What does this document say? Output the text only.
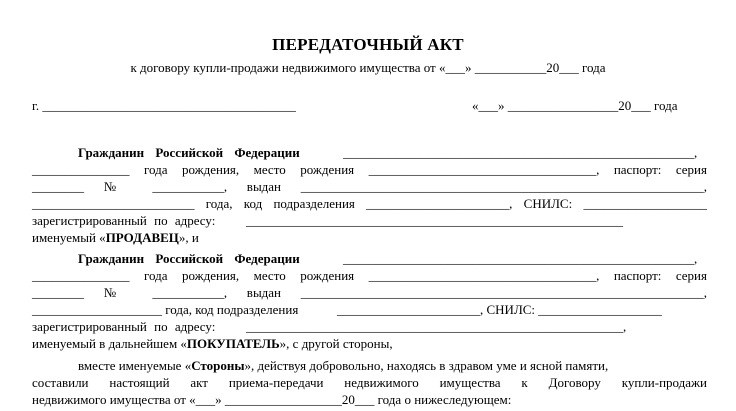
ПЕРЕДАТОЧНЫЙ АКТ
к договору купли-продажи недвижимого имущества от «___» ___________20___ года
г. _______________________________________	«___» _________________20___ года
Гражданин Российской Федерации	______________________________________________________,
_______________ года рождения, место рождения ___________________________________, паспорт: серия
________ № ___________, выдан ______________________________________________________________,
_________________________ года, код подразделения ______________________, СНИЛС: ___________________
зарегистрированный по адресу: __________________________________________________________
именуемый «ПРОДАВЕЦ», и
Гражданин Российской Федерации	______________________________________________________,
_______________ года рождения, место рождения ___________________________________, паспорт: серия
________ № ___________, выдан ______________________________________________________________,
____________________ года, код подразделения	______________________, СНИЛС: ___________________
зарегистрированный по адресу: __________________________________________________________,
именуемый в дальнейшем «ПОКУПАТЕЛЬ», с другой стороны,
вместе именуемые «Стороны», действуя добровольно, находясь в здравом уме и ясной памяти,
составили настоящий акт приема-передачи недвижимого имущества к Договору купли-продажи
недвижимого имущества от «___» __________________20___ года о нижеследующем:
